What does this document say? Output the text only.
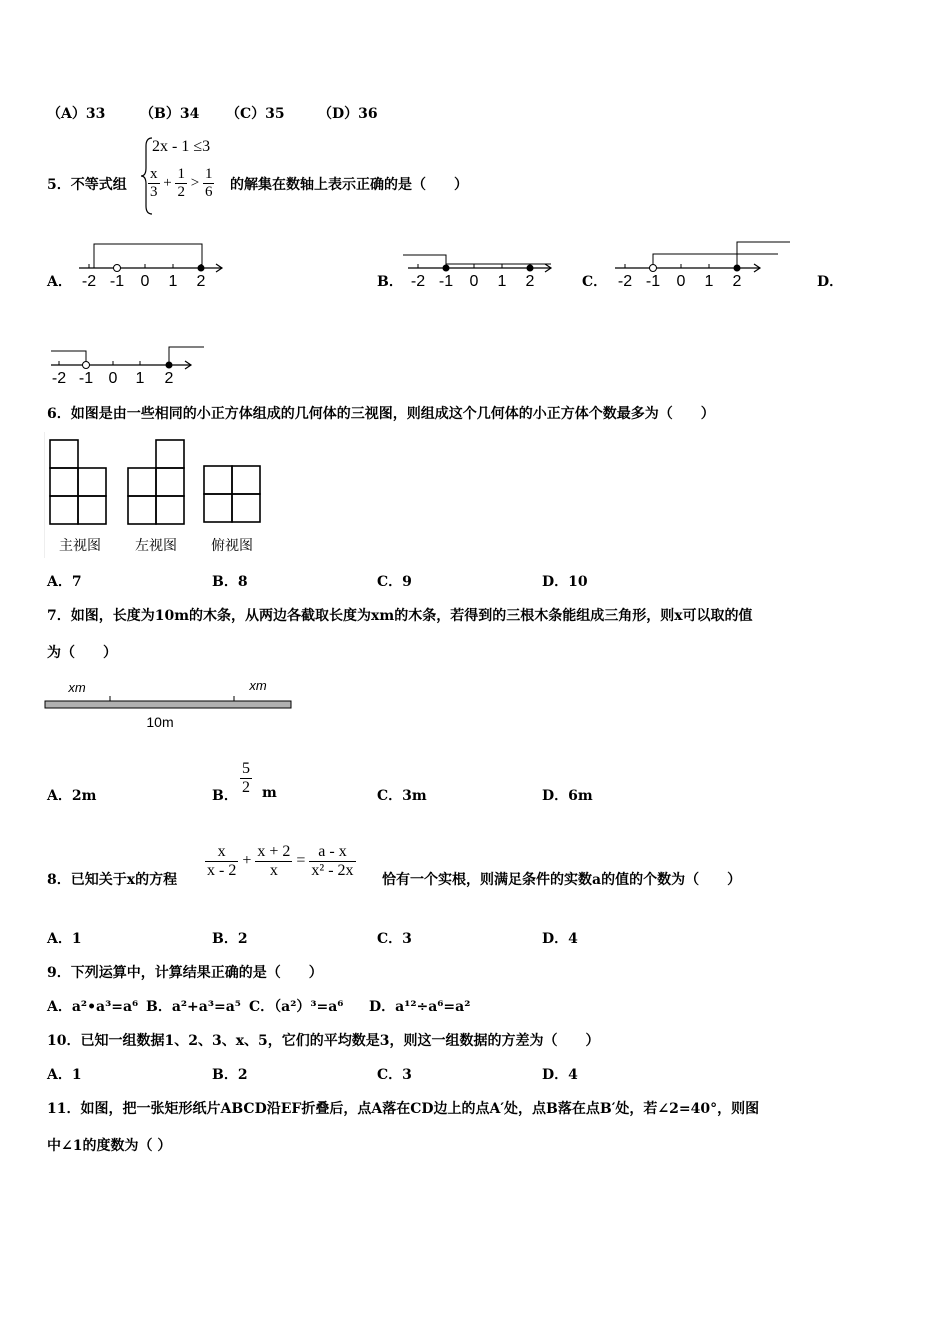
（A）33 （B）34 （C）35 （D）36
5．不等式组
2x - 1 ≤3
$\frac{x}{3} + \frac{1}{2} > \frac{1}{6}$ 的解集在数轴上表示正确的是（　　）
A．	B．	C．	D．
-2 -1 0 1 2	-2 -1 0 1 2	-2 -1 0 1 2
-2 -1 0 1 2
6．如图是由一些相同的小正方体组成的几何体的三视图，则组成这个几何体的小正方体个数最多为（　　）
主视图 左视图 俯视图
A．7	B．8	C．9	D．10
7．如图，长度为10m的木条，从两边各截取长度为xm的木条，若得到的三根木条能组成三角形，则x可以取的值
为（　　）
xm	xm
10m
A．2m	B． $\frac{5}{2}$ m	C．3m	D．6m
8．已知关于x的方程 $\frac{x}{x - 2} + \frac{x + 2}{x} = \frac{a - x}{\text{x² - 2x}}$ 恰有一个实根，则满足条件的实数a的值的个数为（　　）
A．1	B．2	C．3	D．4
9．下列运算中，计算结果正确的是（　　）
A．a²•a³=a⁶ B．a²+a³=a⁵ C．（a²）³=a⁶ D．a¹²÷a⁶=a²
10．已知一组数据1、2、3、x、5，它们的平均数是3，则这一组数据的方差为（　　）
A．1	B．2	C．3	D．4
11．如图，把一张矩形纸片ABCD沿EF折叠后，点A落在CD边上的点A′处，点B落在点B′处，若∠2=40°，则图
中∠1的度数为（ ）
